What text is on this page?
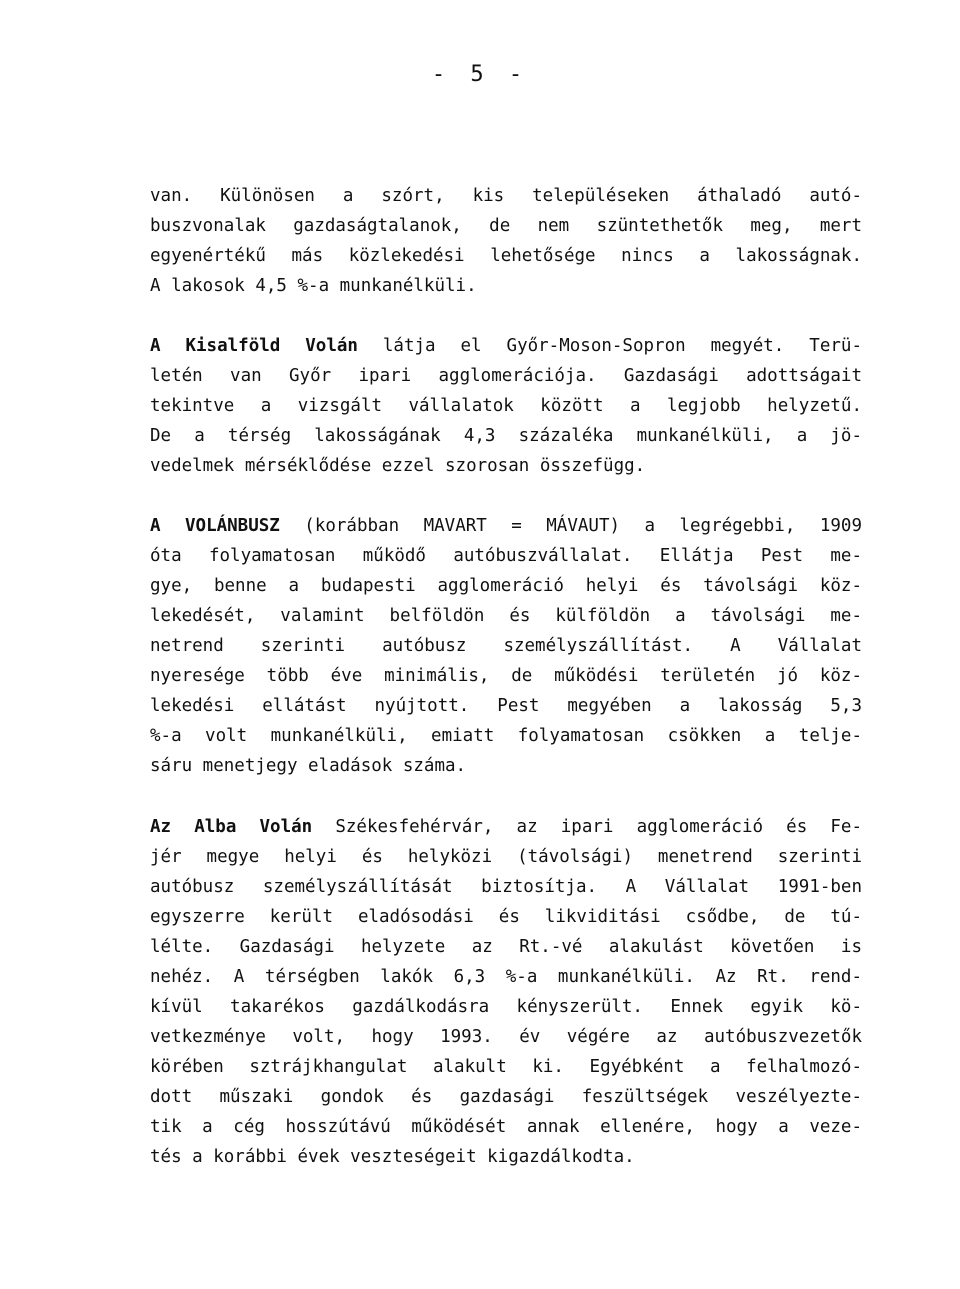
- 5 -
van. Különösen a szórt, kis településeken áthaladó autó-
buszvonalak gazdaságtalanok, de nem szüntethetők meg, mert
egyenértékű más közlekedési lehetősége nincs a lakosságnak.
A lakosok 4,5 %-a munkanélküli.
A Kisalföld Volán látja el Győr-Moson-Sopron megyét. Terü-
letén van Győr ipari agglomerációja. Gazdasági adottságait
tekintve a vizsgált vállalatok között a legjobb helyzetű.
De a térség lakosságának 4,3 százaléka munkanélküli, a jö-
vedelmek mérséklődése ezzel szorosan összefügg.
A VOLÁNBUSZ (korábban MAVART = MÁVAUT) a legrégebbi, 1909
óta folyamatosan működő autóbuszvállalat. Ellátja Pest me-
gye, benne a budapesti agglomeráció helyi és távolsági köz-
lekedését, valamint belföldön és külföldön a távolsági me-
netrend szerinti autóbusz személyszállítást. A Vállalat
nyeresége több éve minimális, de működési területén jó köz-
lekedési ellátást nyújtott. Pest megyében a lakosság 5,3
%-a volt munkanélküli, emiatt folyamatosan csökken a telje-
sáru menetjegy eladások száma.
Az Alba Volán Székesfehérvár, az ipari agglomeráció és Fe-
jér megye helyi és helyközi (távolsági) menetrend szerinti
autóbusz személyszállítását biztosítja. A Vállalat 1991-ben
egyszerre került eladósodási és likviditási csődbe, de tú-
lélte. Gazdasági helyzete az Rt.-vé alakulást követően is
nehéz. A térségben lakók 6,3 %-a munkanélküli. Az Rt. rend-
kívül takarékos gazdálkodásra kényszerült. Ennek egyik kö-
vetkezménye volt, hogy 1993. év végére az autóbuszvezetők
körében sztrájkhangulat alakult ki. Egyébként a felhalmozó-
dott műszaki gondok és gazdasági feszültségek veszélyezte-
tik a cég hosszútávú működését annak ellenére, hogy a veze-
tés a korábbi évek veszteségeit kigazdálkodta.
